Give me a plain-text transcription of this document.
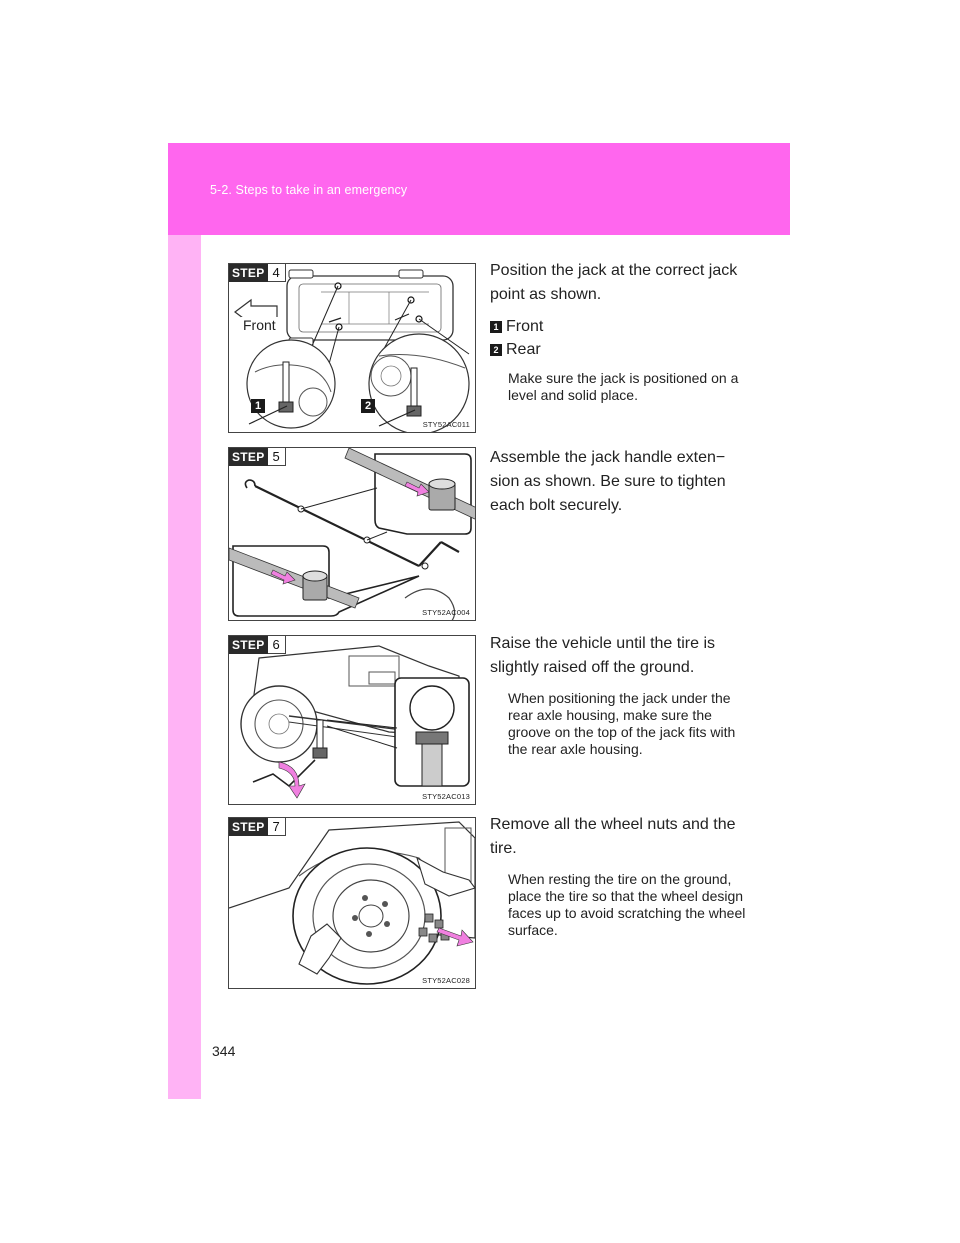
5-2. Steps to take in an emergency
STEP 4
Front
1	2
STY52AC011

Position the jack at the correct jack point as shown.

1 Front
2 Rear

Make sure the jack is positioned on a level and solid place.

STEP 5
STY52AC004

Assemble the jack handle exten− sion as shown. Be sure to tighten each bolt securely.

STEP 6
STY52AC013

Raise the vehicle until the tire is slightly raised off the ground.

When positioning the jack under the rear axle housing, make sure the groove on the top of the jack fits with the rear axle housing.

STEP 7
STY52AC028

Remove all the wheel nuts and the tire.

When resting the tire on the ground, place the tire so that the wheel design faces up to avoid scratching the wheel surface.

344
